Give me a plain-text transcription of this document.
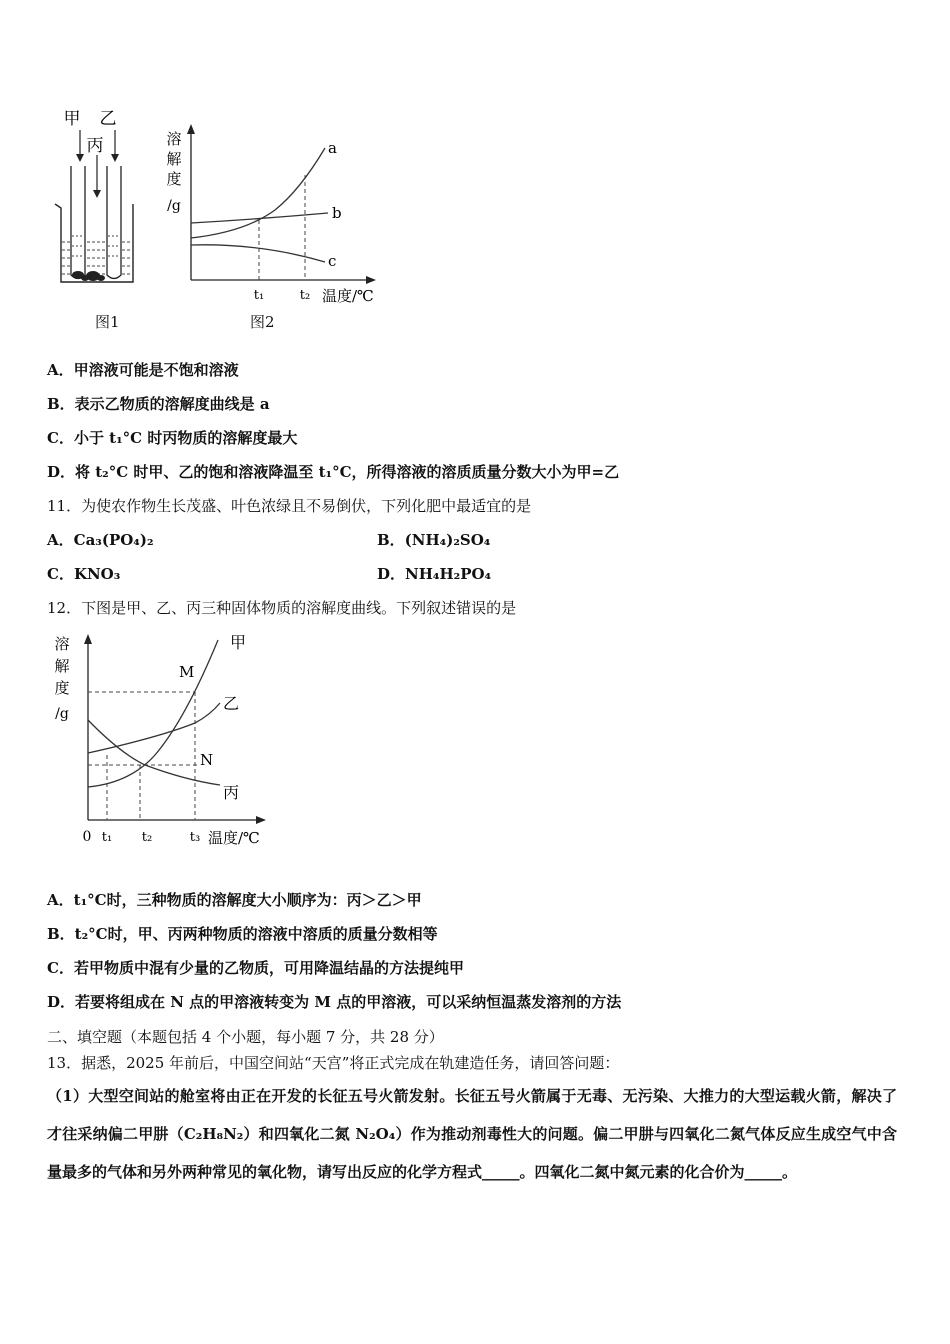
甲 乙
丙
图1
溶
解
度
/g
a
b
c
t₁	t₂ 温度/℃
图2
A．甲溶液可能是不饱和溶液
B．表示乙物质的溶解度曲线是 a
C．小于 t₁°C 时丙物质的溶解度最大
D．将 t₂°C 时甲、乙的饱和溶液降温至 t₁°C，所得溶液的溶质质量分数大小为甲=乙
11．为使农作物生长茂盛、叶色浓绿且不易倒伏，下列化肥中最适宜的是
A．Ca₃(PO₄)₂	B．(NH₄)₂SO₄
C．KNO₃	D．NH₄H₂PO₄
12．下图是甲、乙、丙三种固体物质的溶解度曲线。下列叙述错误的是
溶
解
度
/g
甲
乙
丙
M
N
0 t₁ t₂	t₃ 温度/℃
A．t₁°C时，三种物质的溶解度大小顺序为：丙＞乙＞甲
B．t₂°C时，甲、丙两种物质的溶液中溶质的质量分数相等
C．若甲物质中混有少量的乙物质，可用降温结晶的方法提纯甲
D．若要将组成在 N 点的甲溶液转变为 M 点的甲溶液，可以采纳恒温蒸发溶剂的方法
二、填空题（本题包括 4 个小题，每小题 7 分，共 28 分）
13．据悉，2025 年前后，中国空间站“天宫”将正式完成在轨建造任务，请回答问题：
（1）大型空间站的舱室将由正在开发的长征五号火箭发射。长征五号火箭属于无毒、无污染、大推力的大型运载火箭，解决了才往采纳偏二甲肼（C₂H₈N₂）和四氧化二氮 N₂O₄）作为推动剂毒性大的问题。偏二甲肼与四氧化二氮气体反应生成空气中含量最多的气体和另外两种常见的氧化物，请写出反应的化学方程式_____。四氧化二氮中氮元素的化合价为_____。
